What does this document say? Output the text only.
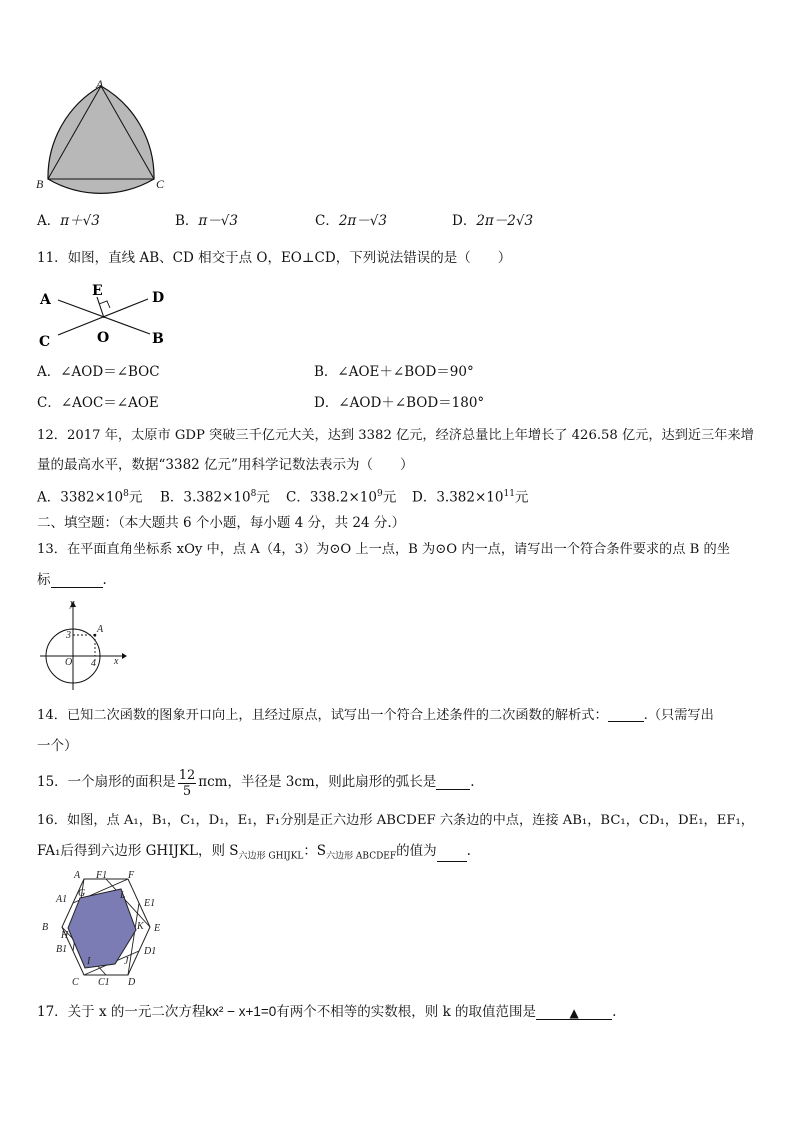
A
B	C
A．π＋√3	B．π－√3	C．2π－√3	D．2π－2√3
11．如图，直线 AB、CD 相交于点 O，EO⊥CD，下列说法错误的是（　　）
A
E	D
C	O	B
A．∠AOD＝∠BOC	B．∠AOE＋∠BOD＝90°
C．∠AOC＝∠AOE	D．∠AOD＋∠BOD＝180°
12．2017 年，太原市 GDP 突破三千亿元大关，达到 3382 亿元，经济总量比上年增长了 426.58 亿元，达到近三年来增
量的最高水平，数据“3382 亿元”用科学记数法表示为（　　）
A．$3382\times 10^8$元 B．$3.382\times 10^8$元 C．$338.2\times 10^9$元 D．$3.382\times 10^{11}$元
二、填空题：（本大题共 6 个小题，每小题 4 分，共 24 分.）
13．在平面直角坐标系 xOy 中，点 A（4，3）为⊙O 上一点，B 为⊙O 内一点，请写出一个符合条件要求的点 B 的坐
标	.
y
x
O
A
3
4
14．已知二次函数的图象开口向上，且经过原点，试写出一个符合上述条件的二次函数的解析式：	.（只需写出
一个）
15．一个扇形的面积是 $\frac{12}{5}$ πcm，半径是 3cm，则此扇形的弧长是	.
16．如图，点 A₁，B₁，C₁，D₁，E₁，F₁分别是正六边形 ABCDEF 六条边的中点，连接 AB₁，BC₁，CD₁，DE₁，EF₁，
FA₁后得到六边形 GHIJKL，则 $S_{六边形 GHIJKL}$：$S_{六边形 ABCDEF}$的值为 .
A F1 F
A1
G	L
E1
B
H
K E
B1	D1
I	J
C C1 D
17．关于 x 的一元二次方程kx² − x+1=0有两个不相等的实数根，则 k 的取值范围是	▲ .
